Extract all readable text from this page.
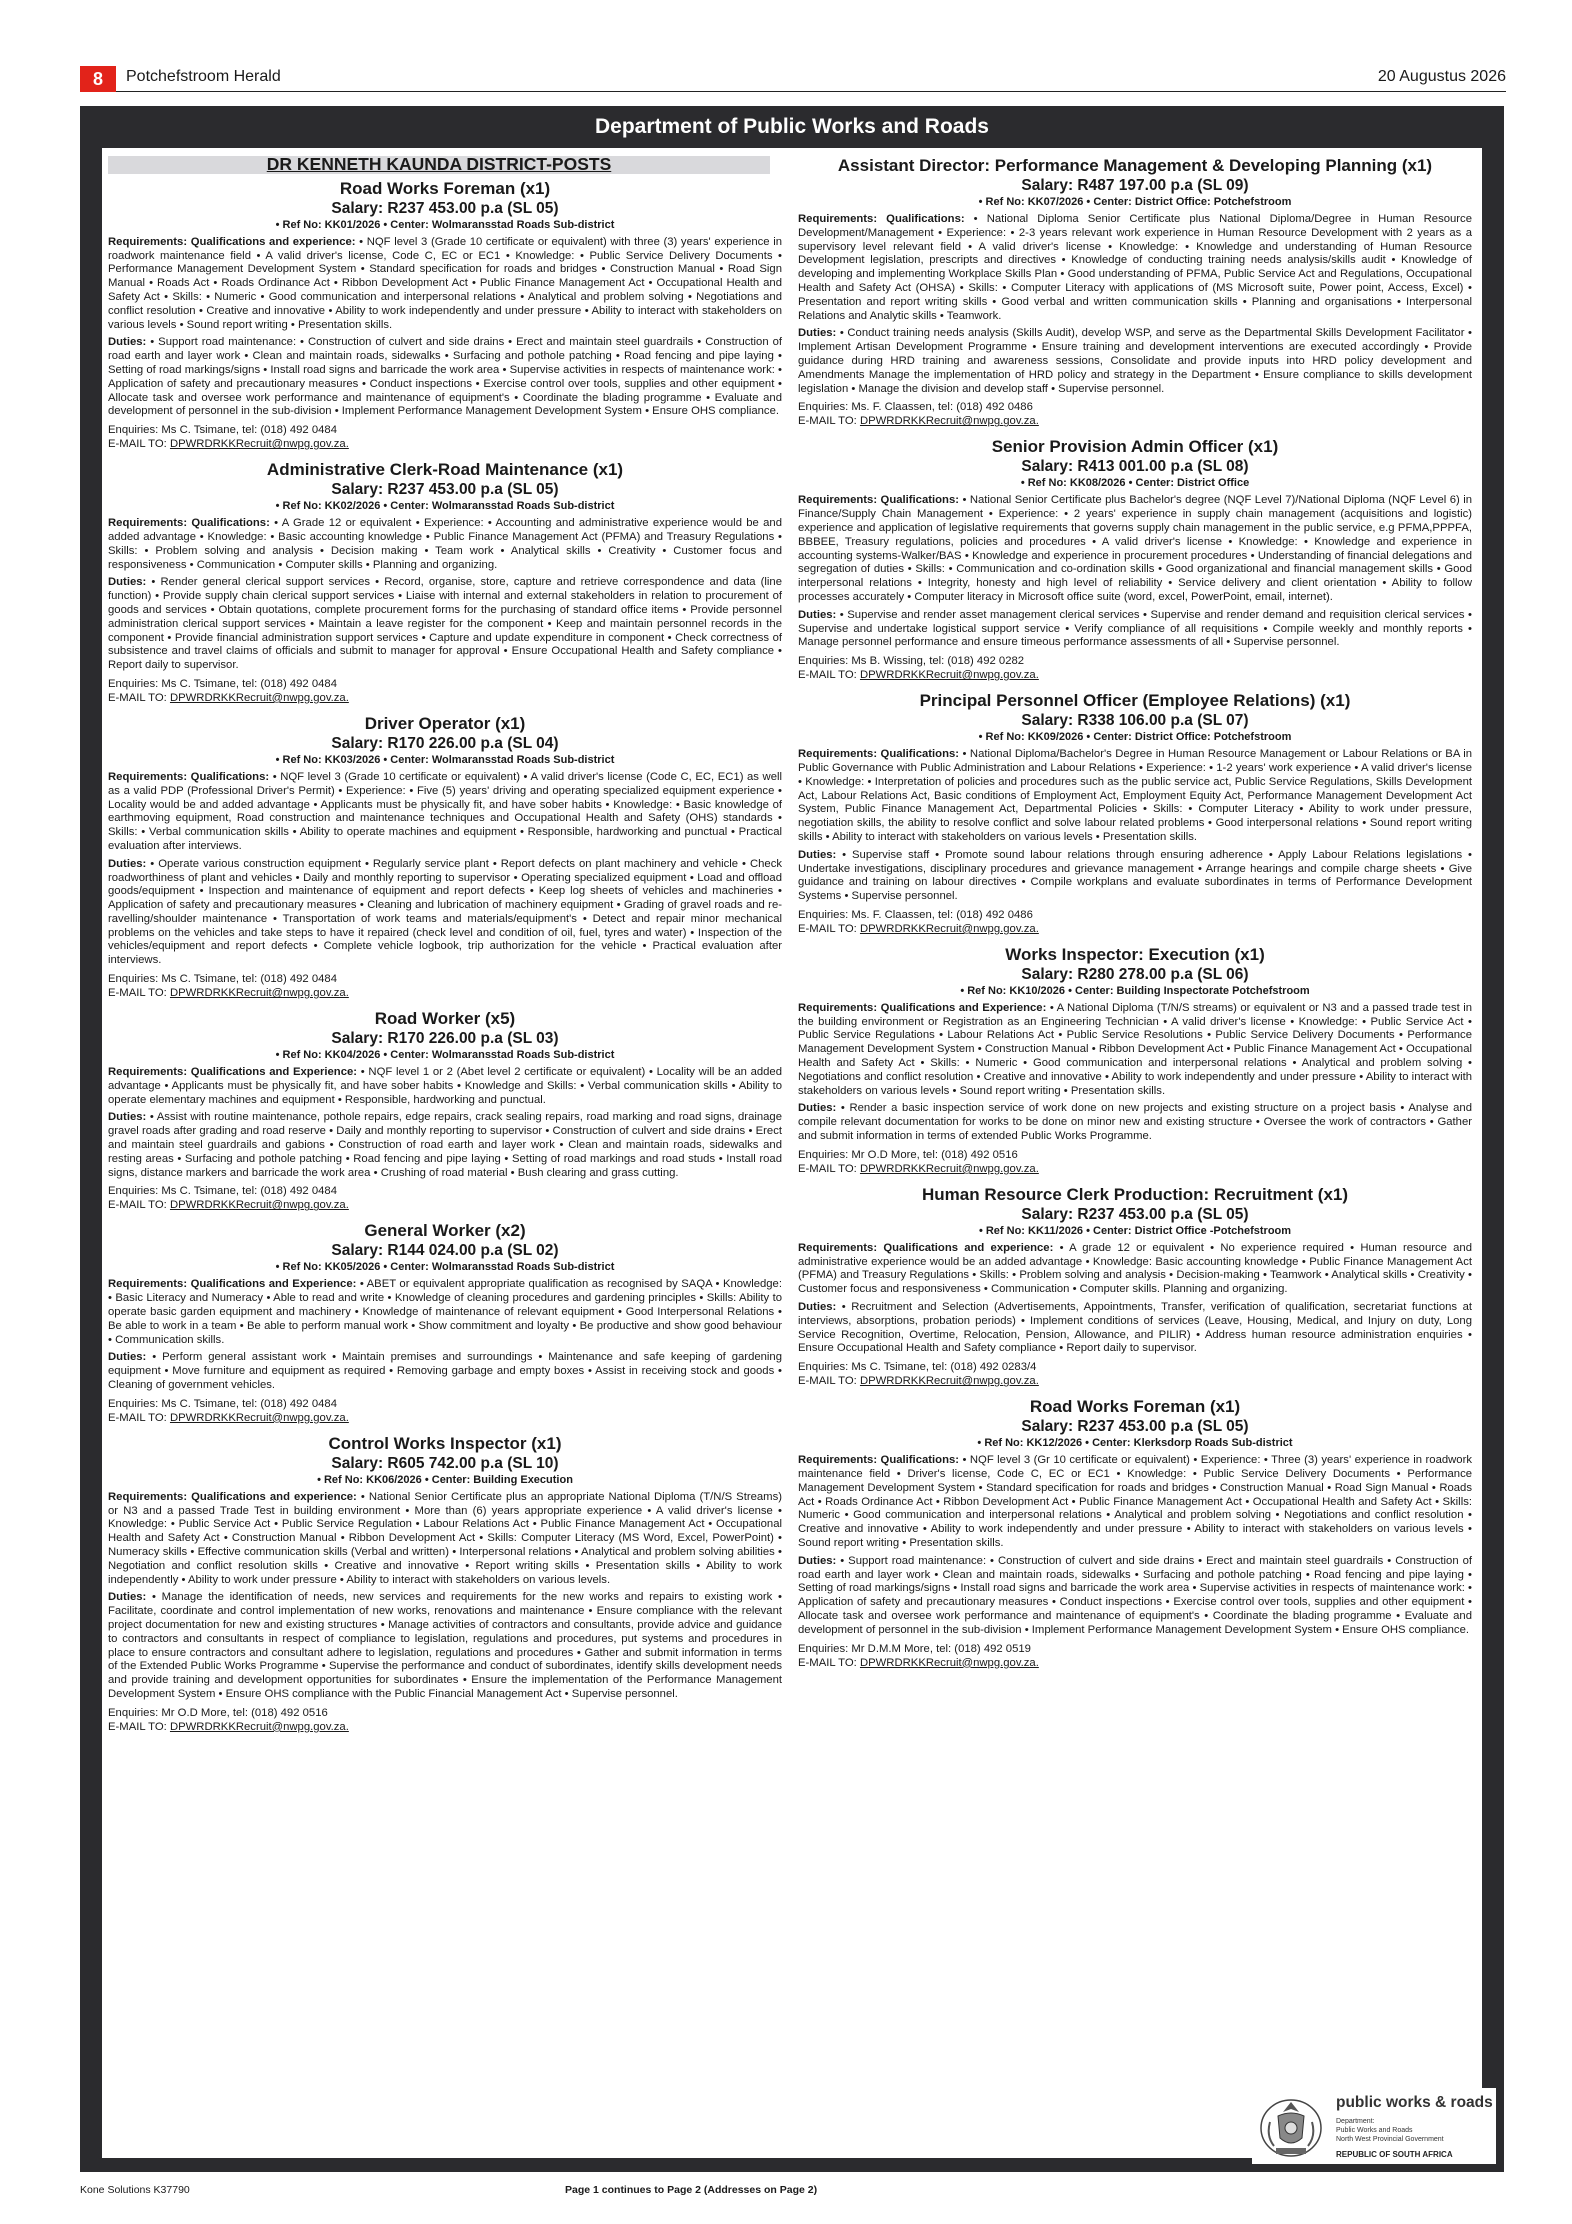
8	Potchefstroom Herald	20 Augustus 2026
Department of Public Works and Roads
DR KENNETH KAUNDA DISTRICT-POSTS
Road Works Foreman (x1)
Salary: R237 453.00 p.a (SL 05)
• Ref No: KK01/2026 • Center: Wolmaransstad Roads Sub-district
Requirements: Qualifications and experience: • NQF level 3 (Grade 10 certificate or equivalent) with three (3) years' experience in roadwork maintenance field • A valid driver's license, Code C, EC or EC1 • Knowledge: • Public Service Delivery Documents • Performance Management Development System • Standard specification for roads and bridges • Construction Manual • Road Sign Manual • Roads Act • Roads Ordinance Act • Ribbon Development Act • Public Finance Management Act • Occupational Health and Safety Act • Skills: • Numeric • Good communication and interpersonal relations • Analytical and problem solving • Negotiations and conflict resolution • Creative and innovative • Ability to work independently and under pressure • Ability to interact with stakeholders on various levels • Sound report writing • Presentation skills.
Duties: • Support road maintenance: • Construction of culvert and side drains • Erect and maintain steel guardrails • Construction of road earth and layer work • Clean and maintain roads, sidewalks • Surfacing and pothole patching • Road fencing and pipe laying • Setting of road markings/signs • Install road signs and barricade the work area • Supervise activities in respects of maintenance work: • Application of safety and precautionary measures • Conduct inspections • Exercise control over tools, supplies and other equipment • Allocate task and oversee work performance and maintenance of equipment's • Coordinate the blading programme • Evaluate and development of personnel in the sub-division • Implement Performance Management Development System • Ensure OHS compliance.
Enquiries: Ms C. Tsimane, tel: (018) 492 0484
E-MAIL TO: DPWRDRKKRecruit@nwpg.gov.za.
Administrative Clerk-Road Maintenance (x1)
Salary: R237 453.00 p.a (SL 05)
• Ref No: KK02/2026 • Center: Wolmaransstad Roads Sub-district
Requirements: Qualifications: • A Grade 12 or equivalent • Experience: • Accounting and administrative experience would be and added advantage • Knowledge: • Basic accounting knowledge • Public Finance Management Act (PFMA) and Treasury Regulations • Skills: • Problem solving and analysis • Decision making • Team work • Analytical skills • Creativity • Customer focus and responsiveness • Communication • Computer skills • Planning and organizing.
Duties: • Render general clerical support services • Record, organise, store, capture and retrieve correspondence and data (line function) • Provide supply chain clerical support services • Liaise with internal and external stakeholders in relation to procurement of goods and services • Obtain quotations, complete procurement forms for the purchasing of standard office items • Provide personnel administration clerical support services • Maintain a leave register for the component • Keep and maintain personnel records in the component • Provide financial administration support services • Capture and update expenditure in component • Check correctness of subsistence and travel claims of officials and submit to manager for approval • Ensure Occupational Health and Safety compliance • Report daily to supervisor.
Enquiries: Ms C. Tsimane, tel: (018) 492 0484
E-MAIL TO: DPWRDRKKRecruit@nwpg.gov.za.
Driver Operator (x1)
Salary: R170 226.00 p.a (SL 04)
• Ref No: KK03/2026 • Center: Wolmaransstad Roads Sub-district
Requirements: Qualifications: • NQF level 3 (Grade 10 certificate or equivalent) • A valid driver's license (Code C, EC, EC1) as well as a valid PDP (Professional Driver's Permit) • Experience: • Five (5) years' driving and operating specialized equipment experience • Locality would be and added advantage • Applicants must be physically fit, and have sober habits • Knowledge: • Basic knowledge of earthmoving equipment, Road construction and maintenance techniques and Occupational Health and Safety (OHS) standards • Skills: • Verbal communication skills • Ability to operate machines and equipment • Responsible, hardworking and punctual • Practical evaluation after interviews.
Duties: • Operate various construction equipment • Regularly service plant • Report defects on plant machinery and vehicle • Check roadworthiness of plant and vehicles • Daily and monthly reporting to supervisor • Operating specialized equipment • Load and offload goods/equipment • Inspection and maintenance of equipment and report defects • Keep log sheets of vehicles and machineries • Application of safety and precautionary measures • Cleaning and lubrication of machinery equipment • Grading of gravel roads and re-ravelling/shoulder maintenance • Transportation of work teams and materials/equipment's • Detect and repair minor mechanical problems on the vehicles and take steps to have it repaired (check level and condition of oil, fuel, tyres and water) • Inspection of the vehicles/equipment and report defects • Complete vehicle logbook, trip authorization for the vehicle • Practical evaluation after interviews.
Enquiries: Ms C. Tsimane, tel: (018) 492 0484
E-MAIL TO: DPWRDRKKRecruit@nwpg.gov.za.
Road Worker (x5)
Salary: R170 226.00 p.a (SL 03)
• Ref No: KK04/2026 • Center: Wolmaransstad Roads Sub-district
Requirements: Qualifications and Experience: • NQF level 1 or 2 (Abet level 2 certificate or equivalent) • Locality will be an added advantage • Applicants must be physically fit, and have sober habits • Knowledge and Skills: • Verbal communication skills • Ability to operate elementary machines and equipment • Responsible, hardworking and punctual.
Duties: • Assist with routine maintenance, pothole repairs, edge repairs, crack sealing repairs, road marking and road signs, drainage gravel roads after grading and road reserve • Daily and monthly reporting to supervisor • Construction of culvert and side drains • Erect and maintain steel guardrails and gabions • Construction of road earth and layer work • Clean and maintain roads, sidewalks and resting areas • Surfacing and pothole patching • Road fencing and pipe laying • Setting of road markings and road studs • Install road signs, distance markers and barricade the work area • Crushing of road material • Bush clearing and grass cutting.
Enquiries: Ms C. Tsimane, tel: (018) 492 0484
E-MAIL TO: DPWRDRKKRecruit@nwpg.gov.za.
General Worker (x2)
Salary: R144 024.00 p.a (SL 02)
• Ref No: KK05/2026 • Center: Wolmaransstad Roads Sub-district
Requirements: Qualifications and Experience: • ABET or equivalent appropriate qualification as recognised by SAQA • Knowledge: • Basic Literacy and Numeracy • Able to read and write • Knowledge of cleaning procedures and gardening principles • Skills: Ability to operate basic garden equipment and machinery • Knowledge of maintenance of relevant equipment • Good Interpersonal Relations • Be able to work in a team • Be able to perform manual work • Show commitment and loyalty • Be productive and show good behaviour • Communication skills.
Duties: • Perform general assistant work • Maintain premises and surroundings • Maintenance and safe keeping of gardening equipment • Move furniture and equipment as required • Removing garbage and empty boxes • Assist in receiving stock and goods • Cleaning of government vehicles.
Enquiries: Ms C. Tsimane, tel: (018) 492 0484
E-MAIL TO: DPWRDRKKRecruit@nwpg.gov.za.
Control Works Inspector (x1)
Salary: R605 742.00 p.a (SL 10)
• Ref No: KK06/2026 • Center: Building Execution
Requirements: Qualifications and experience: • National Senior Certificate plus an appropriate National Diploma (T/N/S Streams) or N3 and a passed Trade Test in building environment • More than (6) years appropriate experience • A valid driver's license • Knowledge: • Public Service Act • Public Service Regulation • Labour Relations Act • Public Finance Management Act • Occupational Health and Safety Act • Construction Manual • Ribbon Development Act • Skills: Computer Literacy (MS Word, Excel, PowerPoint) • Numeracy skills • Effective communication skills (Verbal and written) • Interpersonal relations • Analytical and problem solving abilities • Negotiation and conflict resolution skills • Creative and innovative • Report writing skills • Presentation skills • Ability to work independently • Ability to work under pressure • Ability to interact with stakeholders on various levels.
Duties: • Manage the identification of needs, new services and requirements for the new works and repairs to existing work • Facilitate, coordinate and control implementation of new works, renovations and maintenance • Ensure compliance with the relevant project documentation for new and existing structures • Manage activities of contractors and consultants, provide advice and guidance to contractors and consultants in respect of compliance to legislation, regulations and procedures, put systems and procedures in place to ensure contractors and consultant adhere to legislation, regulations and procedures • Gather and submit information in terms of the Extended Public Works Programme • Supervise the performance and conduct of subordinates, identify skills development needs and provide training and development opportunities for subordinates • Ensure the implementation of the Performance Management Development System • Ensure OHS compliance with the Public Financial Management Act • Supervise personnel.
Enquiries: Mr O.D More, tel: (018) 492 0516
E-MAIL TO: DPWRDRKKRecruit@nwpg.gov.za.
Assistant Director: Performance Management & Developing Planning (x1)
Salary: R487 197.00 p.a (SL 09)
• Ref No: KK07/2026 • Center: District Office: Potchefstroom
Requirements: Qualifications: • National Diploma Senior Certificate plus National Diploma/Degree in Human Resource Development/Management • Experience: • 2-3 years relevant work experience in Human Resource Development with 2 years as a supervisory level relevant field • A valid driver's license • Knowledge: • Knowledge and understanding of Human Resource Development legislation, prescripts and directives • Knowledge of conducting training needs analysis/skills audit • Knowledge of developing and implementing Workplace Skills Plan • Good understanding of PFMA, Public Service Act and Regulations, Occupational Health and Safety Act (OHSA) • Skills: • Computer Literacy with applications of (MS Microsoft suite, Power point, Access, Excel) • Presentation and report writing skills • Good verbal and written communication skills • Planning and organisations • Interpersonal Relations and Analytic skills • Teamwork.
Duties: • Conduct training needs analysis (Skills Audit), develop WSP, and serve as the Departmental Skills Development Facilitator • Implement Artisan Development Programme • Ensure training and development interventions are executed accordingly • Provide guidance during HRD training and awareness sessions, Consolidate and provide inputs into HRD policy development and Amendments Manage the implementation of HRD policy and strategy in the Department • Ensure compliance to skills development legislation • Manage the division and develop staff • Supervise personnel.
Enquiries: Ms. F. Claassen, tel: (018) 492 0486
E-MAIL TO: DPWRDRKKRecruit@nwpg.gov.za.
Senior Provision Admin Officer (x1)
Salary: R413 001.00 p.a (SL 08)
• Ref No: KK08/2026 • Center: District Office
Requirements: Qualifications: • National Senior Certificate plus Bachelor's degree (NQF Level 7)/National Diploma (NQF Level 6) in Finance/Supply Chain Management • Experience: • 2 years' experience in supply chain management (acquisitions and logistic) experience and application of legislative requirements that governs supply chain management in the public service, e.g PFMA,PPPFA, BBBEE, Treasury regulations, policies and procedures • A valid driver's license • Knowledge: • Knowledge and experience in accounting systems-Walker/BAS • Knowledge and experience in procurement procedures • Understanding of financial delegations and segregation of duties • Skills: • Communication and co-ordination skills • Good organizational and financial management skills • Good interpersonal relations • Integrity, honesty and high level of reliability • Service delivery and client orientation • Ability to follow processes accurately • Computer literacy in Microsoft office suite (word, excel, PowerPoint, email, internet).
Duties: • Supervise and render asset management clerical services • Supervise and render demand and requisition clerical services • Supervise and undertake logistical support service • Verify compliance of all requisitions • Compile weekly and monthly reports • Manage personnel performance and ensure timeous performance assessments of all • Supervise personnel.
Enquiries: Ms B. Wissing, tel: (018) 492 0282
E-MAIL TO: DPWRDRKKRecruit@nwpg.gov.za.
Principal Personnel Officer (Employee Relations) (x1)
Salary: R338 106.00 p.a (SL 07)
• Ref No: KK09/2026 • Center: District Office: Potchefstroom
Requirements: Qualifications: • National Diploma/Bachelor's Degree in Human Resource Management or Labour Relations or BA in Public Governance with Public Administration and Labour Relations • Experience: • 1-2 years' work experience • A valid driver's license • Knowledge: • Interpretation of policies and procedures such as the public service act, Public Service Regulations, Skills Development Act, Labour Relations Act, Basic conditions of Employment Act, Employment Equity Act, Performance Management Development Act System, Public Finance Management Act, Departmental Policies • Skills: • Computer Literacy • Ability to work under pressure, negotiation skills, the ability to resolve conflict and solve labour related problems • Good interpersonal relations • Sound report writing skills • Ability to interact with stakeholders on various levels • Presentation skills.
Duties: • Supervise staff • Promote sound labour relations through ensuring adherence • Apply Labour Relations legislations • Undertake investigations, disciplinary procedures and grievance management • Arrange hearings and compile charge sheets • Give guidance and training on labour directives • Compile workplans and evaluate subordinates in terms of Performance Development Systems • Supervise personnel.
Enquiries: Ms. F. Claassen, tel: (018) 492 0486
E-MAIL TO: DPWRDRKKRecruit@nwpg.gov.za.
Works Inspector: Execution (x1)
Salary: R280 278.00 p.a (SL 06)
• Ref No: KK10/2026 • Center: Building Inspectorate Potchefstroom
Requirements: Qualifications and Experience: • A National Diploma (T/N/S streams) or equivalent or N3 and a passed trade test in the building environment or Registration as an Engineering Technician • A valid driver's license • Knowledge: • Public Service Act • Public Service Regulations • Labour Relations Act • Public Service Resolutions • Public Service Delivery Documents • Performance Management Development System • Construction Manual • Ribbon Development Act • Public Finance Management Act • Occupational Health and Safety Act • Skills: • Numeric • Good communication and interpersonal relations • Analytical and problem solving • Negotiations and conflict resolution • Creative and innovative • Ability to work independently and under pressure • Ability to interact with stakeholders on various levels • Sound report writing • Presentation skills.
Duties: • Render a basic inspection service of work done on new projects and existing structure on a project basis • Analyse and compile relevant documentation for works to be done on minor new and existing structure • Oversee the work of contractors • Gather and submit information in terms of extended Public Works Programme.
Enquiries: Mr O.D More, tel: (018) 492 0516
E-MAIL TO: DPWRDRKKRecruit@nwpg.gov.za.
Human Resource Clerk Production: Recruitment (x1)
Salary: R237 453.00 p.a (SL 05)
• Ref No: KK11/2026 • Center: District Office -Potchefstroom
Requirements: Qualifications and experience: • A grade 12 or equivalent • No experience required • Human resource and administrative experience would be an added advantage • Knowledge: Basic accounting knowledge • Public Finance Management Act (PFMA) and Treasury Regulations • Skills: • Problem solving and analysis • Decision-making • Teamwork • Analytical skills • Creativity • Customer focus and responsiveness • Communication • Computer skills. Planning and organizing.
Duties: • Recruitment and Selection (Advertisements, Appointments, Transfer, verification of qualification, secretariat functions at interviews, absorptions, probation periods) • Implement conditions of services (Leave, Housing, Medical, and Injury on duty, Long Service Recognition, Overtime, Relocation, Pension, Allowance, and PILIR) • Address human resource administration enquiries • Ensure Occupational Health and Safety compliance • Report daily to supervisor.
Enquiries: Ms C. Tsimane, tel: (018) 492 0283/4
E-MAIL TO: DPWRDRKKRecruit@nwpg.gov.za.
Road Works Foreman (x1)
Salary: R237 453.00 p.a (SL 05)
• Ref No: KK12/2026 • Center: Klerksdorp Roads Sub-district
Requirements: Qualifications: • NQF level 3 (Gr 10 certificate or equivalent) • Experience: • Three (3) years' experience in roadwork maintenance field • Driver's license, Code C, EC or EC1 • Knowledge: • Public Service Delivery Documents • Performance Management Development System • Standard specification for roads and bridges • Construction Manual • Road Sign Manual • Roads Act • Roads Ordinance Act • Ribbon Development Act • Public Finance Management Act • Occupational Health and Safety Act • Skills: Numeric • Good communication and interpersonal relations • Analytical and problem solving • Negotiations and conflict resolution • Creative and innovative • Ability to work independently and under pressure • Ability to interact with stakeholders on various levels • Sound report writing • Presentation skills.
Duties: • Support road maintenance: • Construction of culvert and side drains • Erect and maintain steel guardrails • Construction of road earth and layer work • Clean and maintain roads, sidewalks • Surfacing and pothole patching • Road fencing and pipe laying • Setting of road markings/signs • Install road signs and barricade the work area • Supervise activities in respects of maintenance work: • Application of safety and precautionary measures • Conduct inspections • Exercise control over tools, supplies and other equipment • Allocate task and oversee work performance and maintenance of equipment's • Coordinate the blading programme • Evaluate and development of personnel in the sub-division • Implement Performance Management Development System • Ensure OHS compliance.
Enquiries: Mr D.M.M More, tel: (018) 492 0519
E-MAIL TO: DPWRDRKKRecruit@nwpg.gov.za.
public works & roads
Department:
Public Works and Roads
North West Provincial Government
REPUBLIC OF SOUTH AFRICA
Kone Solutions K37790	Page 1 continues to Page 2 (Addresses on Page 2)
